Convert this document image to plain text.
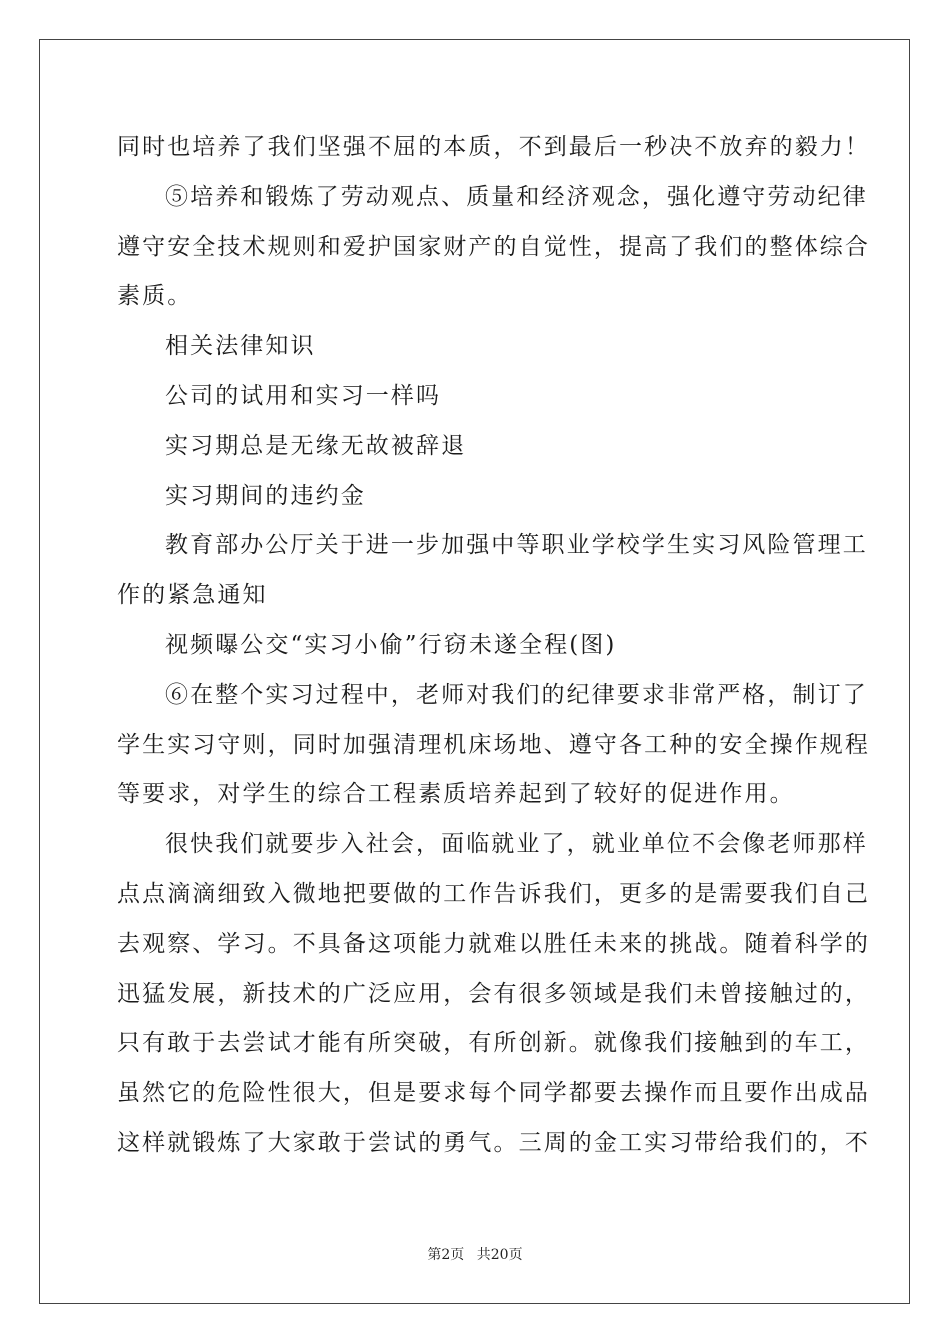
同时也培养了我们坚强不屈的本质，不到最后一秒决不放弃的毅力！
⑤培养和锻炼了劳动观点、质量和经济观念，强化遵守劳动纪律
遵守安全技术规则和爱护国家财产的自觉性，提高了我们的整体综合
素质。
相关法律知识
公司的试用和实习一样吗
实习期总是无缘无故被辞退
实习期间的违约金
教育部办公厅关于进一步加强中等职业学校学生实习风险管理工
作的紧急通知
视频曝公交“实习小偷”行窃未遂全程(图)
⑥在整个实习过程中，老师对我们的纪律要求非常严格，制订了
学生实习守则，同时加强清理机床场地、遵守各工种的安全操作规程
等要求，对学生的综合工程素质培养起到了较好的促进作用。
很快我们就要步入社会，面临就业了，就业单位不会像老师那样
点点滴滴细致入微地把要做的工作告诉我们，更多的是需要我们自己
去观察、学习。不具备这项能力就难以胜任未来的挑战。随着科学的
迅猛发展，新技术的广泛应用，会有很多领域是我们未曾接触过的，
只有敢于去尝试才能有所突破，有所创新。就像我们接触到的车工，
虽然它的危险性很大，但是要求每个同学都要去操作而且要作出成品
这样就锻炼了大家敢于尝试的勇气。三周的金工实习带给我们的，不
第2页 共20页
